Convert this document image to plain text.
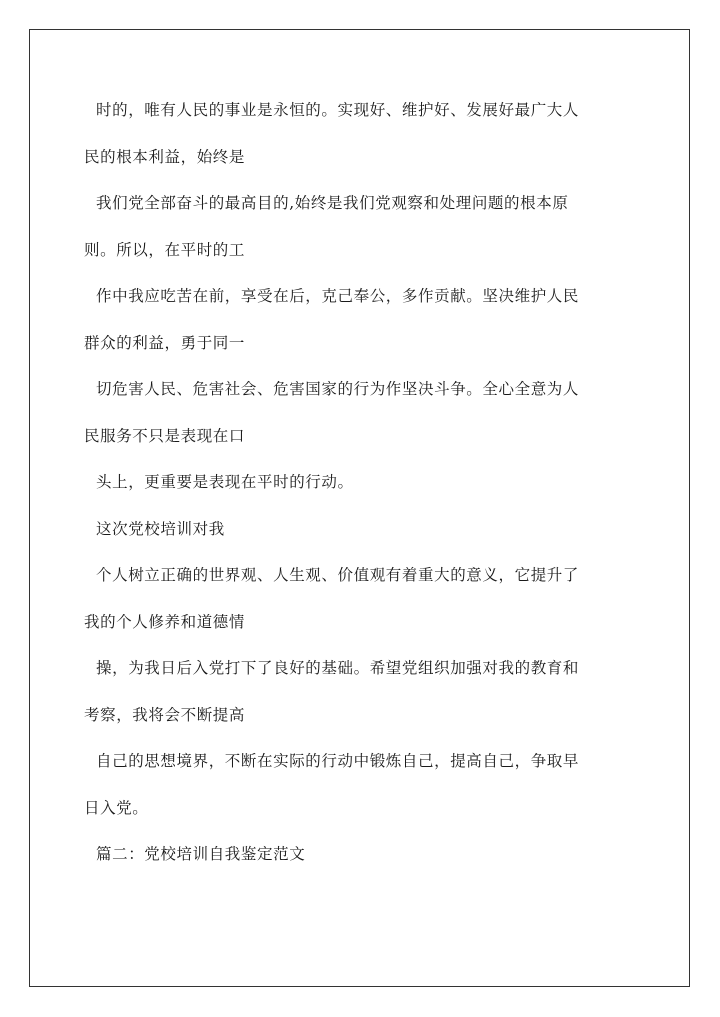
时的，唯有人民的事业是永恒的。实现好、维护好、发展好最广大人
民的根本利益，始终是
我们党全部奋斗的最高目的,始终是我们党观察和处理问题的根本原
则。所以，在平时的工
作中我应吃苦在前，享受在后，克己奉公，多作贡献。坚决维护人民
群众的利益，勇于同一
切危害人民、危害社会、危害国家的行为作坚决斗争。全心全意为人
民服务不只是表现在口
头上，更重要是表现在平时的行动。
这次党校培训对我
个人树立正确的世界观、人生观、价值观有着重大的意义，它提升了
我的个人修养和道德情
操，为我日后入党打下了良好的基础。希望党组织加强对我的教育和
考察，我将会不断提高
自己的思想境界，不断在实际的行动中锻炼自己，提高自己，争取早
日入党。
篇二：党校培训自我鉴定范文
